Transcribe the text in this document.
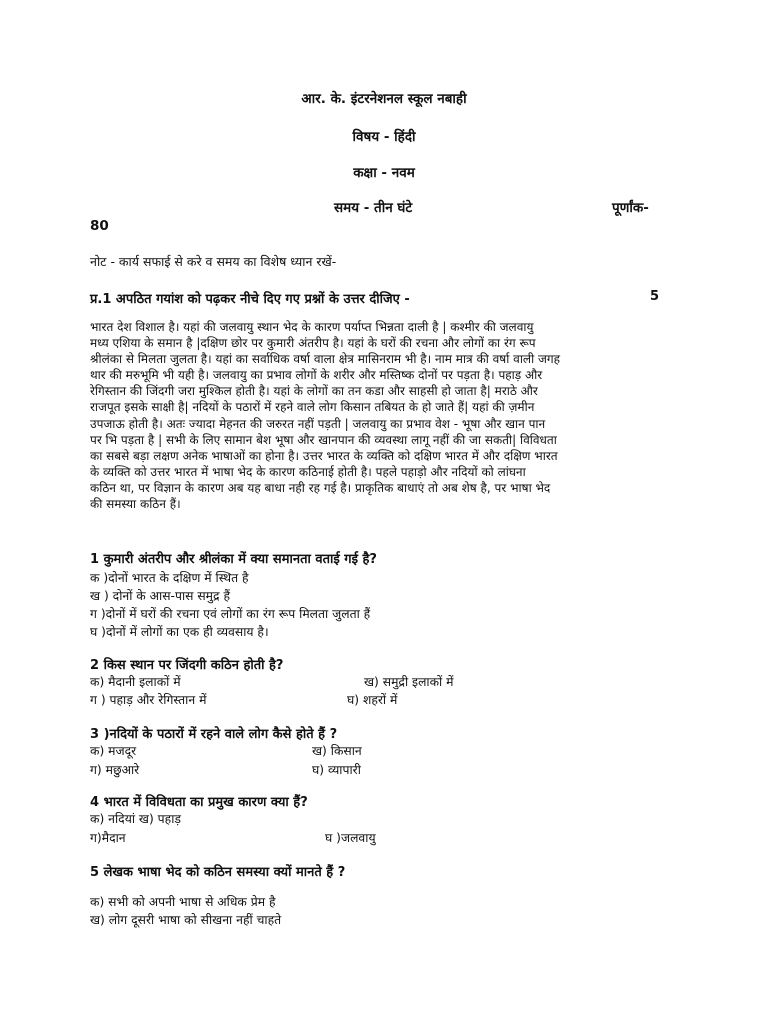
आर. के. इंटरनेशनल स्कूल नबाही
विषय - हिंदी
कक्षा - नवम
समय - तीन घंटे	पूर्णांक-
80
नोट - कार्य सफाई से करे व समय का विशेष ध्यान रखें-
प्र.1 अपठित गयांश को पढ़कर नीचे दिए गए प्रश्नों के उत्तर दीजिए -	5
भारत देश विशाल है। यहां की जलवायु स्थान भेद के कारण पर्याप्त भिन्नता दाली है | कश्मीर की जलवायु
मध्य एशिया के समान है |दक्षिण छोर पर कुमारी अंतरीप है। यहां के घरों की रचना और लोगों का रंग रूप
श्रीलंका से मिलता जुलता है। यहां का सर्वाधिक वर्षा वाला क्षेत्र मासिनराम भी है। नाम मात्र की वर्षा वाली जगह
थार की मरुभूमि भी यही है। जलवायु का प्रभाव लोगों के शरीर और मस्तिष्क दोनों पर पड़ता है। पहाड़ और
रेगिस्तान की जिंदगी जरा मुश्किल होती है। यहां के लोगों का तन कडा और साहसी हो जाता है| मराठे और
राजपूत इसके साक्षी है| नदियों के पठारों में रहने वाले लोग किसान तबियत के हो जाते हैं| यहां की ज़मीन
उपजाऊ होती है। अतः ज्यादा मेहनत की जरुरत नहीं पड़ती | जलवायु का प्रभाव वेश - भूषा और खान पान
पर भि पड़ता है | सभी के लिए सामान बेश भूषा और खानपान की व्यवस्था लागू नहीं की जा सकती| विविधता
का सबसे बड़ा लक्षण अनेक भाषाओं का होना है। उत्तर भारत के व्यक्ति को दक्षिण भारत में और दक्षिण भारत
के व्यक्ति को उत्तर भारत में भाषा भेद के कारण कठिनाई होती है। पहले पहाड़ो और नदियों को लांघना
कठिन था, पर विज्ञान के कारण अब यह बाधा नही रह गई है। प्राकृतिक बाधाएं तो अब शेष है, पर भाषा भेद
की समस्या कठिन हैं।
1 कुमारी अंतरीप और श्रीलंका में क्या समानता वताई गई है?
क )दोनों भारत के दक्षिण में स्थित है
ख ) दोनों के आस-पास समुद्र हैं
ग )दोनों में घरों की रचना एवं लोगों का रंग रूप मिलता जुलता हैं
घ )दोनों में लोगों का एक ही व्यवसाय है।
2 किस स्थान पर जिंदगी कठिन होती है?
क) मैदानी इलाकों में	ख) समुद्री इलाकों में
ग ) पहाड़ और रेगिस्तान में	घ) शहरों में
3 )नदियों के पठारों में रहने वाले लोग कैसे होते हैं ?
क) मजदूर	ख) किसान
ग) मछुआरे	घ) व्यापारी
4 भारत में विविधता का प्रमुख कारण क्या हैं?
क) नदियां ख) पहाड़
ग)मैदान	घ )जलवायु
5 लेखक भाषा भेद को कठिन समस्या क्यों मानते हैं ?
क) सभी को अपनी भाषा से अधिक प्रेम है
ख) लोग दूसरी भाषा को सीखना नहीं चाहते
